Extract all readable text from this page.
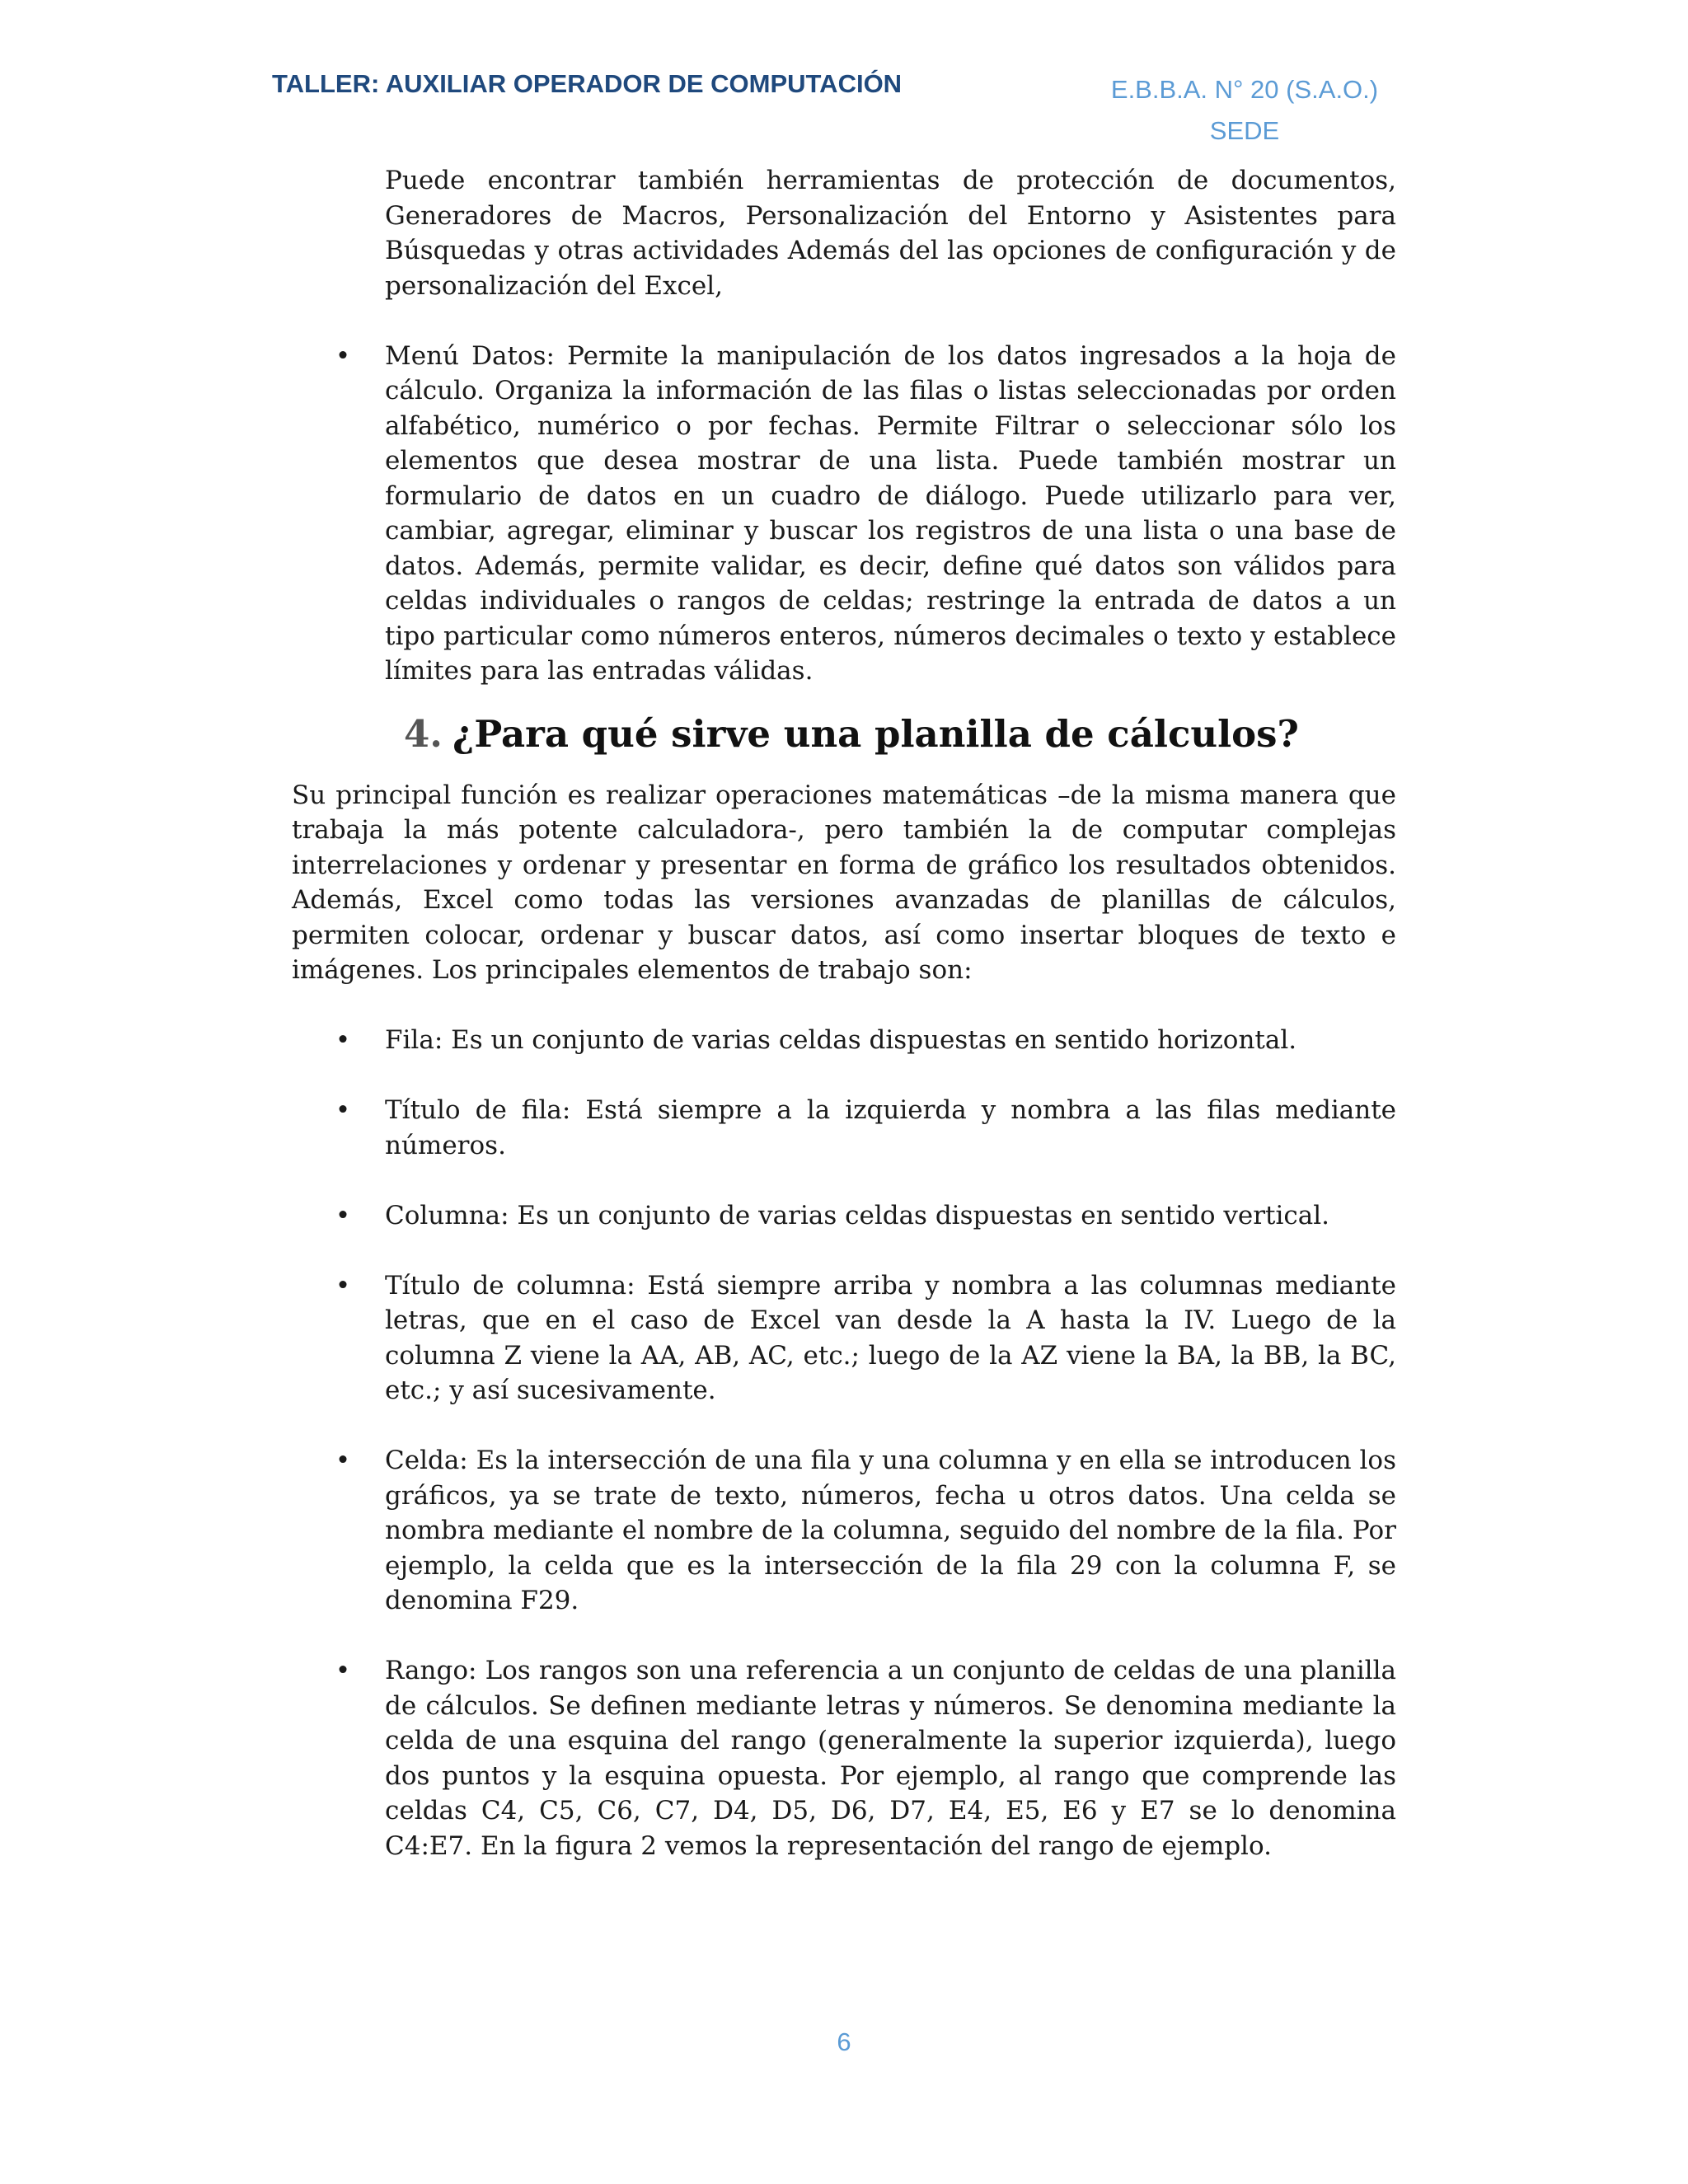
TALLER: AUXILIAR OPERADOR DE COMPUTACIÓN	E.B.B.A. N° 20 (S.A.O.)
SEDE

Puede encontrar también herramientas de protección de documentos, Generadores de Macros, Personalización del Entorno y Asistentes para Búsquedas y otras actividades Además del las opciones de configuración y de personalización del Excel,

• Menú Datos: Permite la manipulación de los datos ingresados a la hoja de cálculo. Organiza la información de las filas o listas seleccionadas por orden alfabético, numérico o por fechas. Permite Filtrar o seleccionar sólo los elementos que desea mostrar de una lista. Puede también mostrar un formulario de datos en un cuadro de diálogo. Puede utilizarlo para ver, cambiar, agregar, eliminar y buscar los registros de una lista o una base de datos. Además, permite validar, es decir, define qué datos son válidos para celdas individuales o rangos de celdas; restringe la entrada de datos a un tipo particular como números enteros, números decimales o texto y establece límites para las entradas válidas.
4. ¿Para qué sirve una planilla de cálculos?

Su principal función es realizar operaciones matemáticas –de la misma manera que trabaja la más potente calculadora-, pero también la de computar complejas interrelaciones y ordenar y presentar en forma de gráfico los resultados obtenidos. Además, Excel como todas las versiones avanzadas de planillas de cálculos, permiten colocar, ordenar y buscar datos, así como insertar bloques de texto e imágenes. Los principales elementos de trabajo son:

• Fila: Es un conjunto de varias celdas dispuestas en sentido horizontal.
• Título de fila: Está siempre a la izquierda y nombra a las filas mediante números.
• Columna: Es un conjunto de varias celdas dispuestas en sentido vertical.
• Título de columna: Está siempre arriba y nombra a las columnas mediante letras, que en el caso de Excel van desde la A hasta la IV. Luego de la columna Z viene la AA, AB, AC, etc.; luego de la AZ viene la BA, la BB, la BC, etc.; y así sucesivamente.
• Celda: Es la intersección de una fila y una columna y en ella se introducen los gráficos, ya se trate de texto, números, fecha u otros datos. Una celda se nombra mediante el nombre de la columna, seguido del nombre de la fila. Por ejemplo, la celda que es la intersección de la fila 29 con la columna F, se denomina F29.
• Rango: Los rangos son una referencia a un conjunto de celdas de una planilla de cálculos. Se definen mediante letras y números. Se denomina mediante la celda de una esquina del rango (generalmente la superior izquierda), luego dos puntos y la esquina opuesta. Por ejemplo, al rango que comprende las celdas C4, C5, C6, C7, D4, D5, D6, D7, E4, E5, E6 y E7 se lo denomina C4:E7. En la figura 2 vemos la representación del rango de ejemplo.
6
